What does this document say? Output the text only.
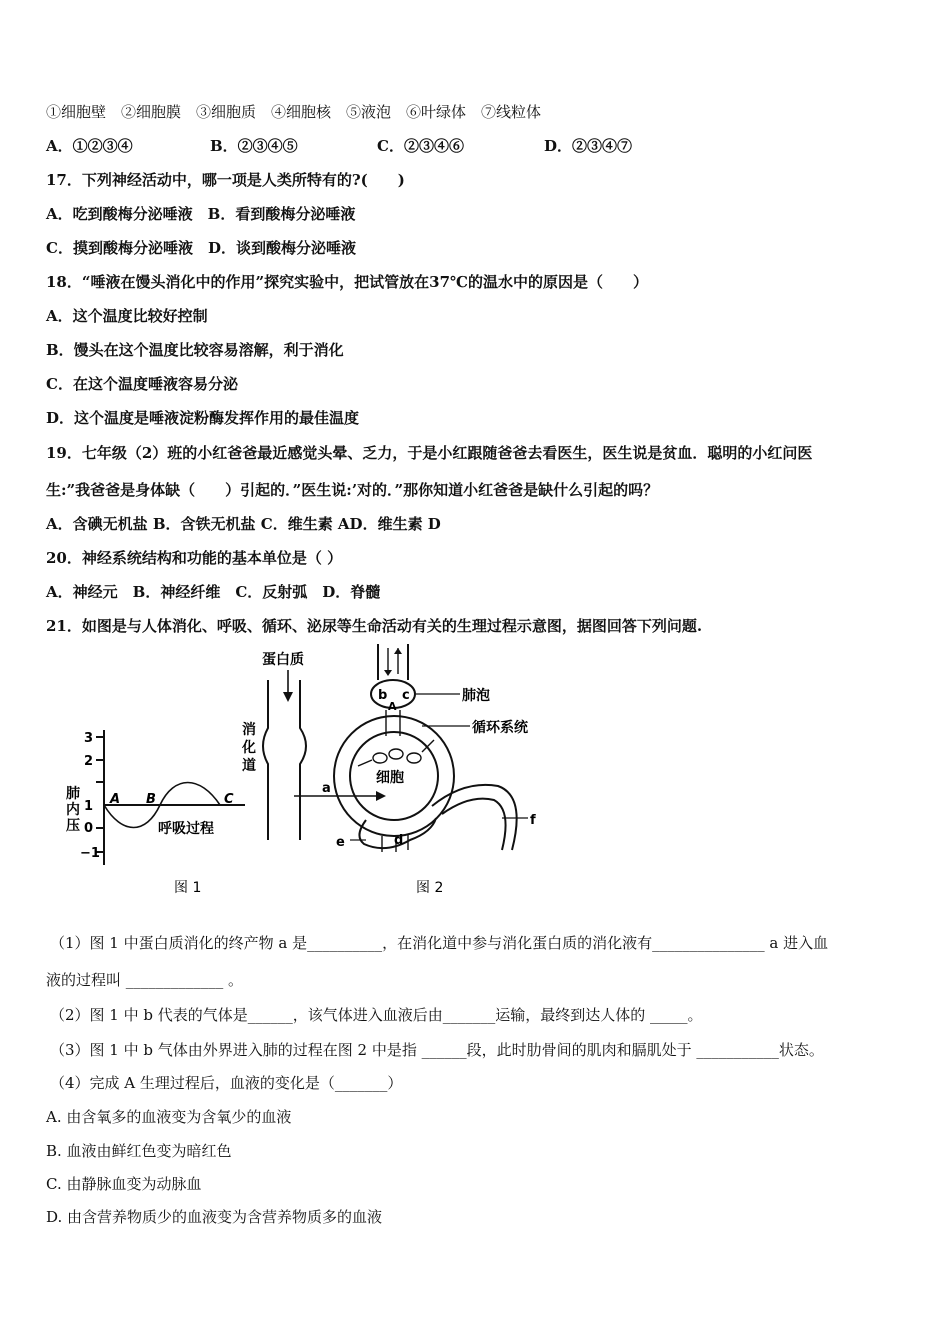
①细胞壁　②细胞膜　③细胞质　④细胞核　⑤液泡　⑥叶绿体　⑦线粒体
A．①②③④	B．②③④⑤	C．②③④⑥	D．②③④⑦
17．下列神经活动中，哪一项是人类所特有的?(　　)
A．吃到酸梅分泌唾液　B．看到酸梅分泌唾液
C．摸到酸梅分泌唾液　D．谈到酸梅分泌唾液
18．“唾液在馒头消化中的作用”探究实验中，把试管放在37℃的温水中的原因是（　　）
A．这个温度比较好控制
B．馒头在这个温度比较容易溶解，利于消化
C．在这个温度唾液容易分泌
D．这个温度是唾液淀粉酶发挥作用的最佳温度
19．七年级（2）班的小红爸爸最近感觉头晕、乏力，于是小红跟随爸爸去看医生，医生说是贫血．聪明的小红问医
生:”我爸爸是身体缺（　　）引起的．”医生说:’对的．”那你知道小红爸爸是缺什么引起的吗？
A．含碘无机盐 B．含铁无机盐 C．维生素 AD．维生素 D
20．神经系统结构和功能的基本单位是（ ）
A．神经元　B．神经纤维　C．反射弧　D．脊髓
21．如图是与人体消化、呼吸、循环、泌尿等生命活动有关的生理过程示意图，据图回答下列问题.
3
2
1
0
−1
肺 内 压
A B	C
呼吸过程
图 1
蛋白质
消化道
a
b c
A
肺泡
循环系统
细胞
f
e	d
图 2
（1）图 1 中蛋白质消化的终产物 a 是__________，在消化道中参与消化蛋白质的消化液有_______________ a 进入血
液的过程叫 _____________ 。
（2）图 1 中 b 代表的气体是______，该气体进入血液后由_______运输，最终到达人体的 _____。
（3）图 1 中 b 气体由外界进入肺的过程在图 2 中是指 ______段，此时肋骨间的肌肉和膈肌处于 ___________状态。
（4）完成 A 生理过程后，血液的变化是（_______）
A. 由含氧多的血液变为含氧少的血液
B. 血液由鲜红色变为暗红色
C. 由静脉血变为动脉血
D. 由含营养物质少的血液变为含营养物质多的血液
